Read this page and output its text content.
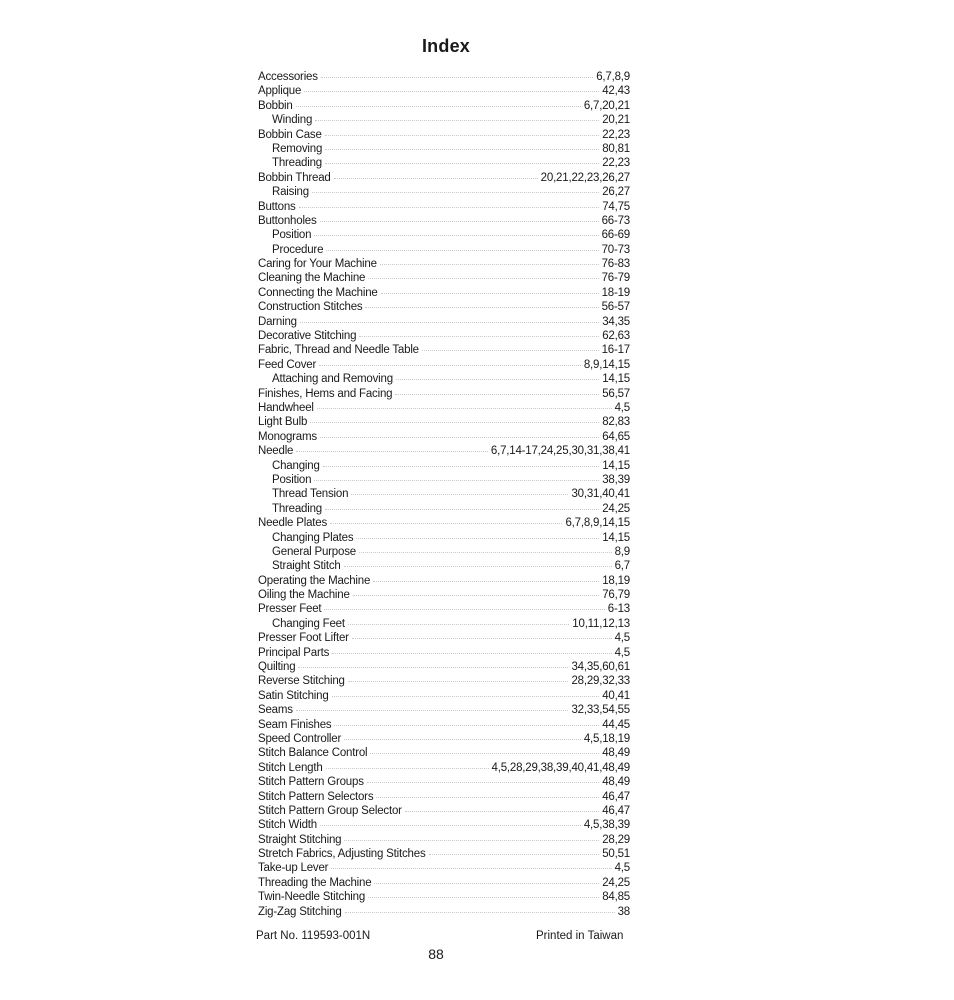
Index
Accessories	6,7,8,9
Applique	42,43
Bobbin	6,7,20,21
Winding	20,21
Bobbin Case	22,23
Removing	80,81
Threading	22,23
Bobbin Thread	20,21,22,23,26,27
Raising	26,27
Buttons	74,75
Buttonholes	66-73
Position	66-69
Procedure	70-73
Caring for Your Machine	76-83
Cleaning the Machine	76-79
Connecting the Machine	18-19
Construction Stitches	56-57
Darning	34,35
Decorative Stitching	62,63
Fabric, Thread and Needle Table	16-17
Feed Cover	8,9,14,15
Attaching and Removing	14,15
Finishes, Hems and Facing	56,57
Handwheel	4,5
Light Bulb	82,83
Monograms	64,65
Needle	6,7,14-17,24,25,30,31,38,41
Changing	14,15
Position	38,39
Thread Tension	30,31,40,41
Threading	24,25
Needle Plates	6,7,8,9,14,15
Changing Plates	14,15
General Purpose	8,9
Straight Stitch	6,7
Operating the Machine	18,19
Oiling the Machine	76,79
Presser Feet	6-13
Changing Feet	10,11,12,13
Presser Foot Lifter	4,5
Principal Parts	4,5
Quilting	34,35,60,61
Reverse Stitching	28,29,32,33
Satin Stitching	40,41
Seams	32,33,54,55
Seam Finishes	44,45
Speed Controller	4,5,18,19
Stitch Balance Control	48,49
Stitch Length	4,5,28,29,38,39,40,41,48,49
Stitch Pattern Groups	48,49
Stitch Pattern Selectors	46,47
Stitch Pattern Group Selector	46,47
Stitch Width	4,5,38,39
Straight Stitching	28,29
Stretch Fabrics, Adjusting Stitches	50,51
Take-up Lever	4,5
Threading the Machine	24,25
Twin-Needle Stitching	84,85
Zig-Zag Stitching	38
Part No. 119593-001N	Printed in Taiwan
88
